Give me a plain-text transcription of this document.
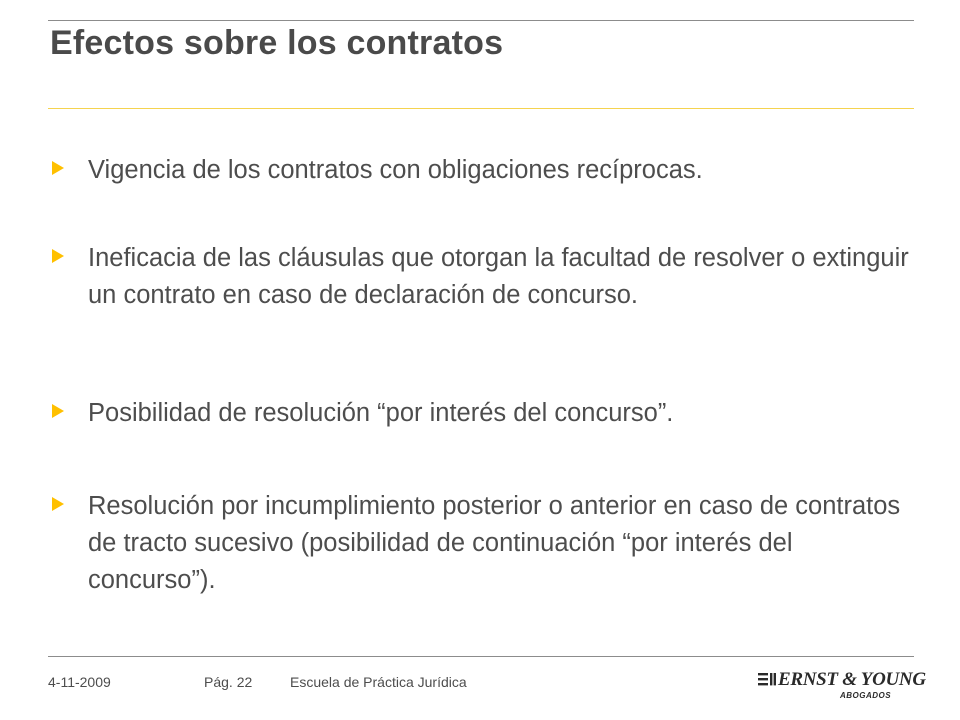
Efectos sobre los contratos

Vigencia de los contratos con obligaciones recíprocas.

Ineficacia de las cláusulas que otorgan la facultad de resolver o extinguir un contrato en caso de declaración de concurso.

Posibilidad de resolución “por interés del concurso”.

Resolución por incumplimiento posterior o anterior en caso de contratos de tracto sucesivo (posibilidad de continuación “por interés del concurso”).

4-11-2009	Pág. 22	Escuela de Práctica Jurídica	ERNST & YOUNG
ABOGADOS
